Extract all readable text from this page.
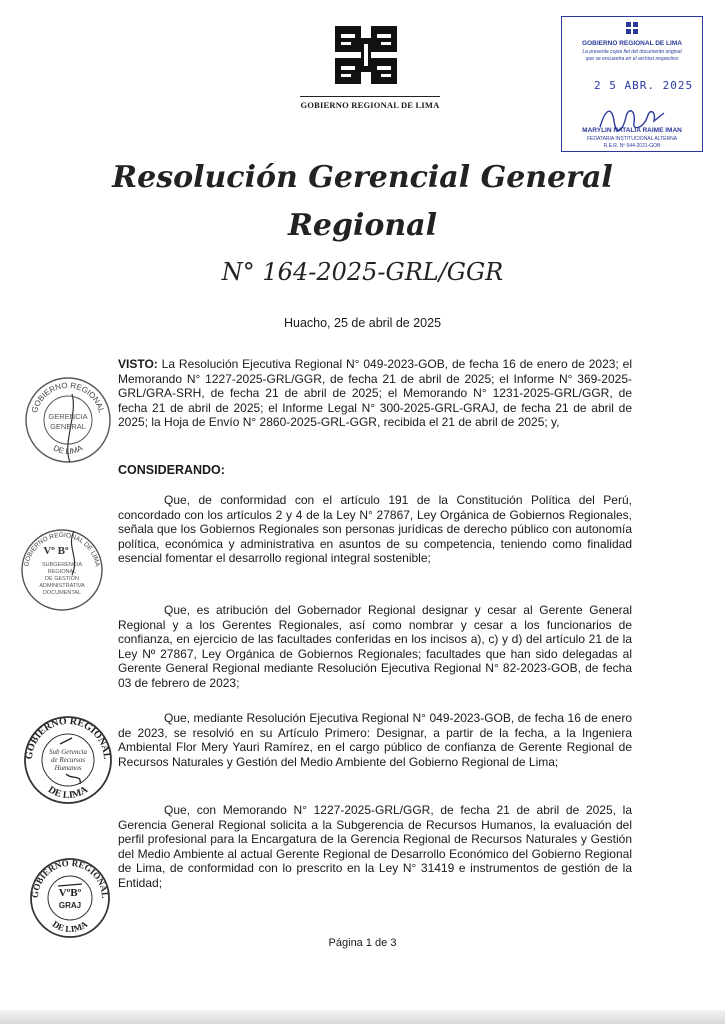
GOBIERNO REGIONAL DE LIMA
GOBIERNO REGIONAL DE LIMA
La presente copia fiel del documento original
que se encuentra en el archivo respectivo
2 5 ABR. 2025
MARYLIN NATALIA RAIME IMAN
FEDATARIA INSTITUCIONAL ALTERNA
R.E.R. Nº 544-2021-GOB
Resolución Gerencial General
Regional
N° 164-2025-GRL/GGR
Huacho, 25 de abril de 2025
VISTO: La Resolución Ejecutiva Regional N° 049-2023-GOB, de fecha 16 de enero de 2023; el Memorando N° 1227-2025-GRL/GGR, de fecha 21 de abril de 2025; el Informe N° 369-2025-GRL/GRA-SRH, de fecha 21 de abril de 2025; el Memorando N° 1231-2025-GRL/GGR, de fecha 21 de abril de 2025; el Informe Legal N° 300-2025-GRL-GRAJ, de fecha 21 de abril de 2025; la Hoja de Envío N° 2860-2025-GRL-GGR, recibida el 21 de abril de 2025; y,
CONSIDERANDO:
Que, de conformidad con el artículo 191 de la Constitución Política del Perú, concordado con los artículos 2 y 4 de la Ley N° 27867, Ley Orgánica de Gobiernos Regionales, señala que los Gobiernos Regionales son personas jurídicas de derecho público con autonomía política, económica y administrativa en asuntos de su competencia, teniendo como finalidad esencial fomentar el desarrollo regional integral sostenible;
Que, es atribución del Gobernador Regional designar y cesar al Gerente General Regional y a los Gerentes Regionales, así como nombrar y cesar a los funcionarios de confianza, en ejercicio de las facultades conferidas en los incisos a), c) y d) del artículo 21 de la Ley Nº 27867, Ley Orgánica de Gobiernos Regionales; facultades que han sido delegadas al Gerente General Regional mediante Resolución Ejecutiva Regional N° 82-2023-GOB, de fecha 03 de febrero de 2023;
Que, mediante Resolución Ejecutiva Regional N° 049-2023-GOB, de fecha 16 de enero de 2023, se resolvió en su Artículo Primero: Designar, a partir de la fecha, a la Ingeniera Ambiental Flor Mery Yauri Ramírez, en el cargo público de confianza de Gerente Regional de Recursos Naturales y Gestión del Medio Ambiente del Gobierno Regional de Lima;
Que, con Memorando N° 1227-2025-GRL/GGR, de fecha 21 de abril de 2025, la Gerencia General Regional solicita a la Subgerencia de Recursos Humanos, la evaluación del perfil profesional para la Encargatura de la Gerencia Regional de Recursos Naturales y Gestión del Medio Ambiente al actual Gerente Regional de Desarrollo Económico del Gobierno Regional de Lima, de conformidad con lo prescrito en la Ley N° 31419 e instrumentos de gestión de la Entidad;
GOBIERNO REGIONAL
DE LIMA
GERENCIA
GENERAL
GOBIERNO REGIONAL DE LIMA
Vº Bº
SUBGERENCIA
REGIONAL
DE GESTIÓN
ADMINISTRATIVA
DOCUMENTAL
GOBIERNO REGIONAL
DE LIMA
Sub Gerencia
de Recursos
Humanos
GOBIERNO REGIONAL
DE LIMA
VºBº
GRAJ
Página 1 de 3
